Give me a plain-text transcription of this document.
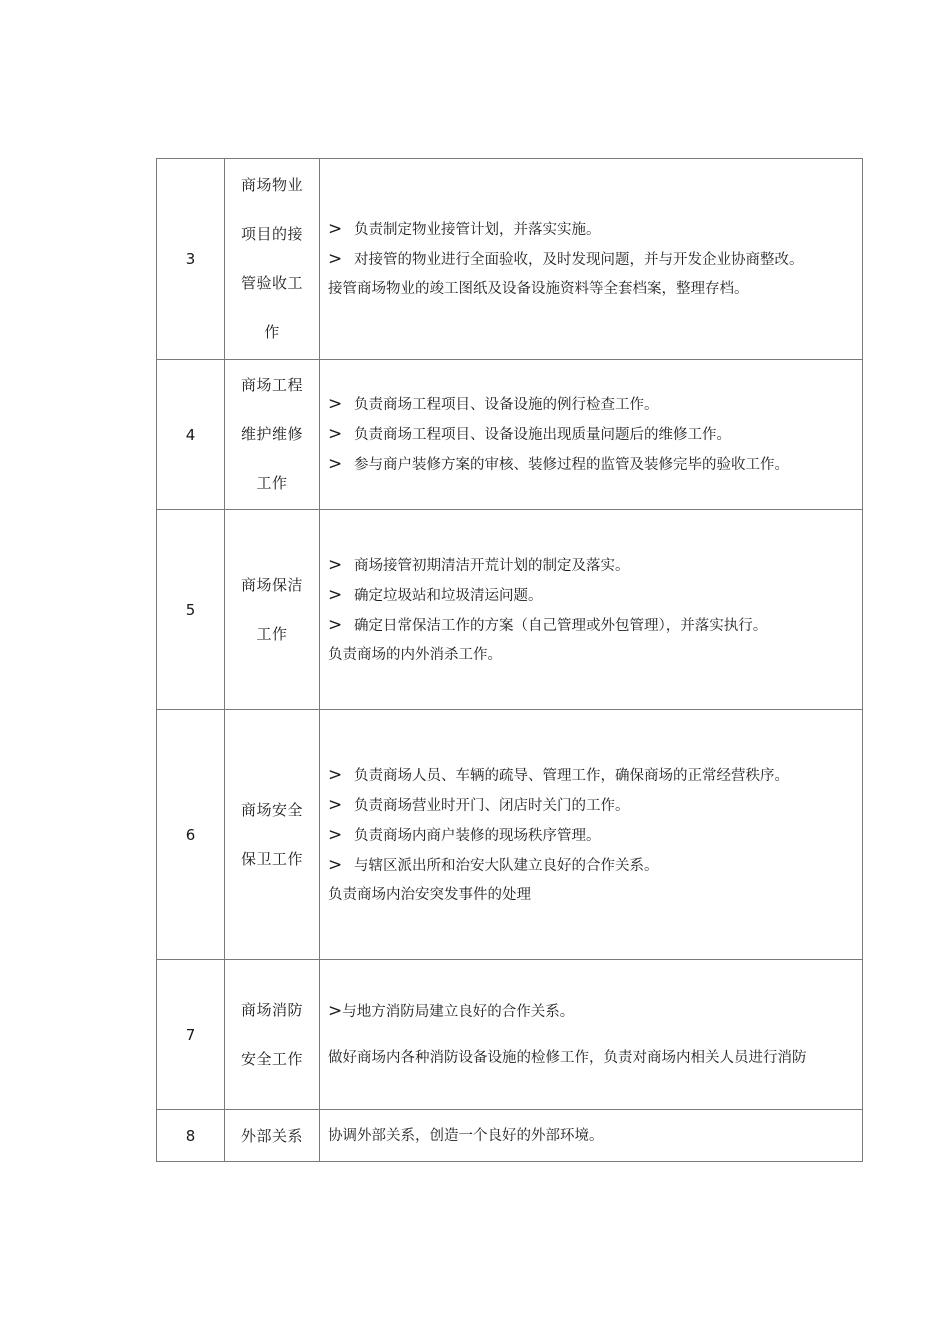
3	商场物业项目的接管验收工作	> 负责制定物业接管计划，并落实实施。
> 对接管的物业进行全面验收，及时发现问题，并与开发企业协商整改。
接管商场物业的竣工图纸及设备设施资料等全套档案，整理存档。

4	商场工程维护维修工作	> 负责商场工程项目、设备设施的例行检查工作。
> 负责商场工程项目、设备设施出现质量问题后的维修工作。
> 参与商户装修方案的审核、装修过程的监管及装修完毕的验收工作。

5	商场保洁工作	> 商场接管初期清洁开荒计划的制定及落实。
> 确定垃圾站和垃圾清运问题。
> 确定日常保洁工作的方案（自己管理或外包管理），并落实执行。
负责商场的内外消杀工作。

6	商场安全保卫工作	> 负责商场人员、车辆的疏导、管理工作，确保商场的正常经营秩序。
> 负责商场营业时开门、闭店时关门的工作。
> 负责商场内商户装修的现场秩序管理。
> 与辖区派出所和治安大队建立良好的合作关系。
负责商场内治安突发事件的处理

7	商场消防安全工作	>与地方消防局建立良好的合作关系。
做好商场内各种消防设备设施的检修工作，负责对商场内相关人员进行消防

8	外部关系	协调外部关系，创造一个良好的外部环境。
